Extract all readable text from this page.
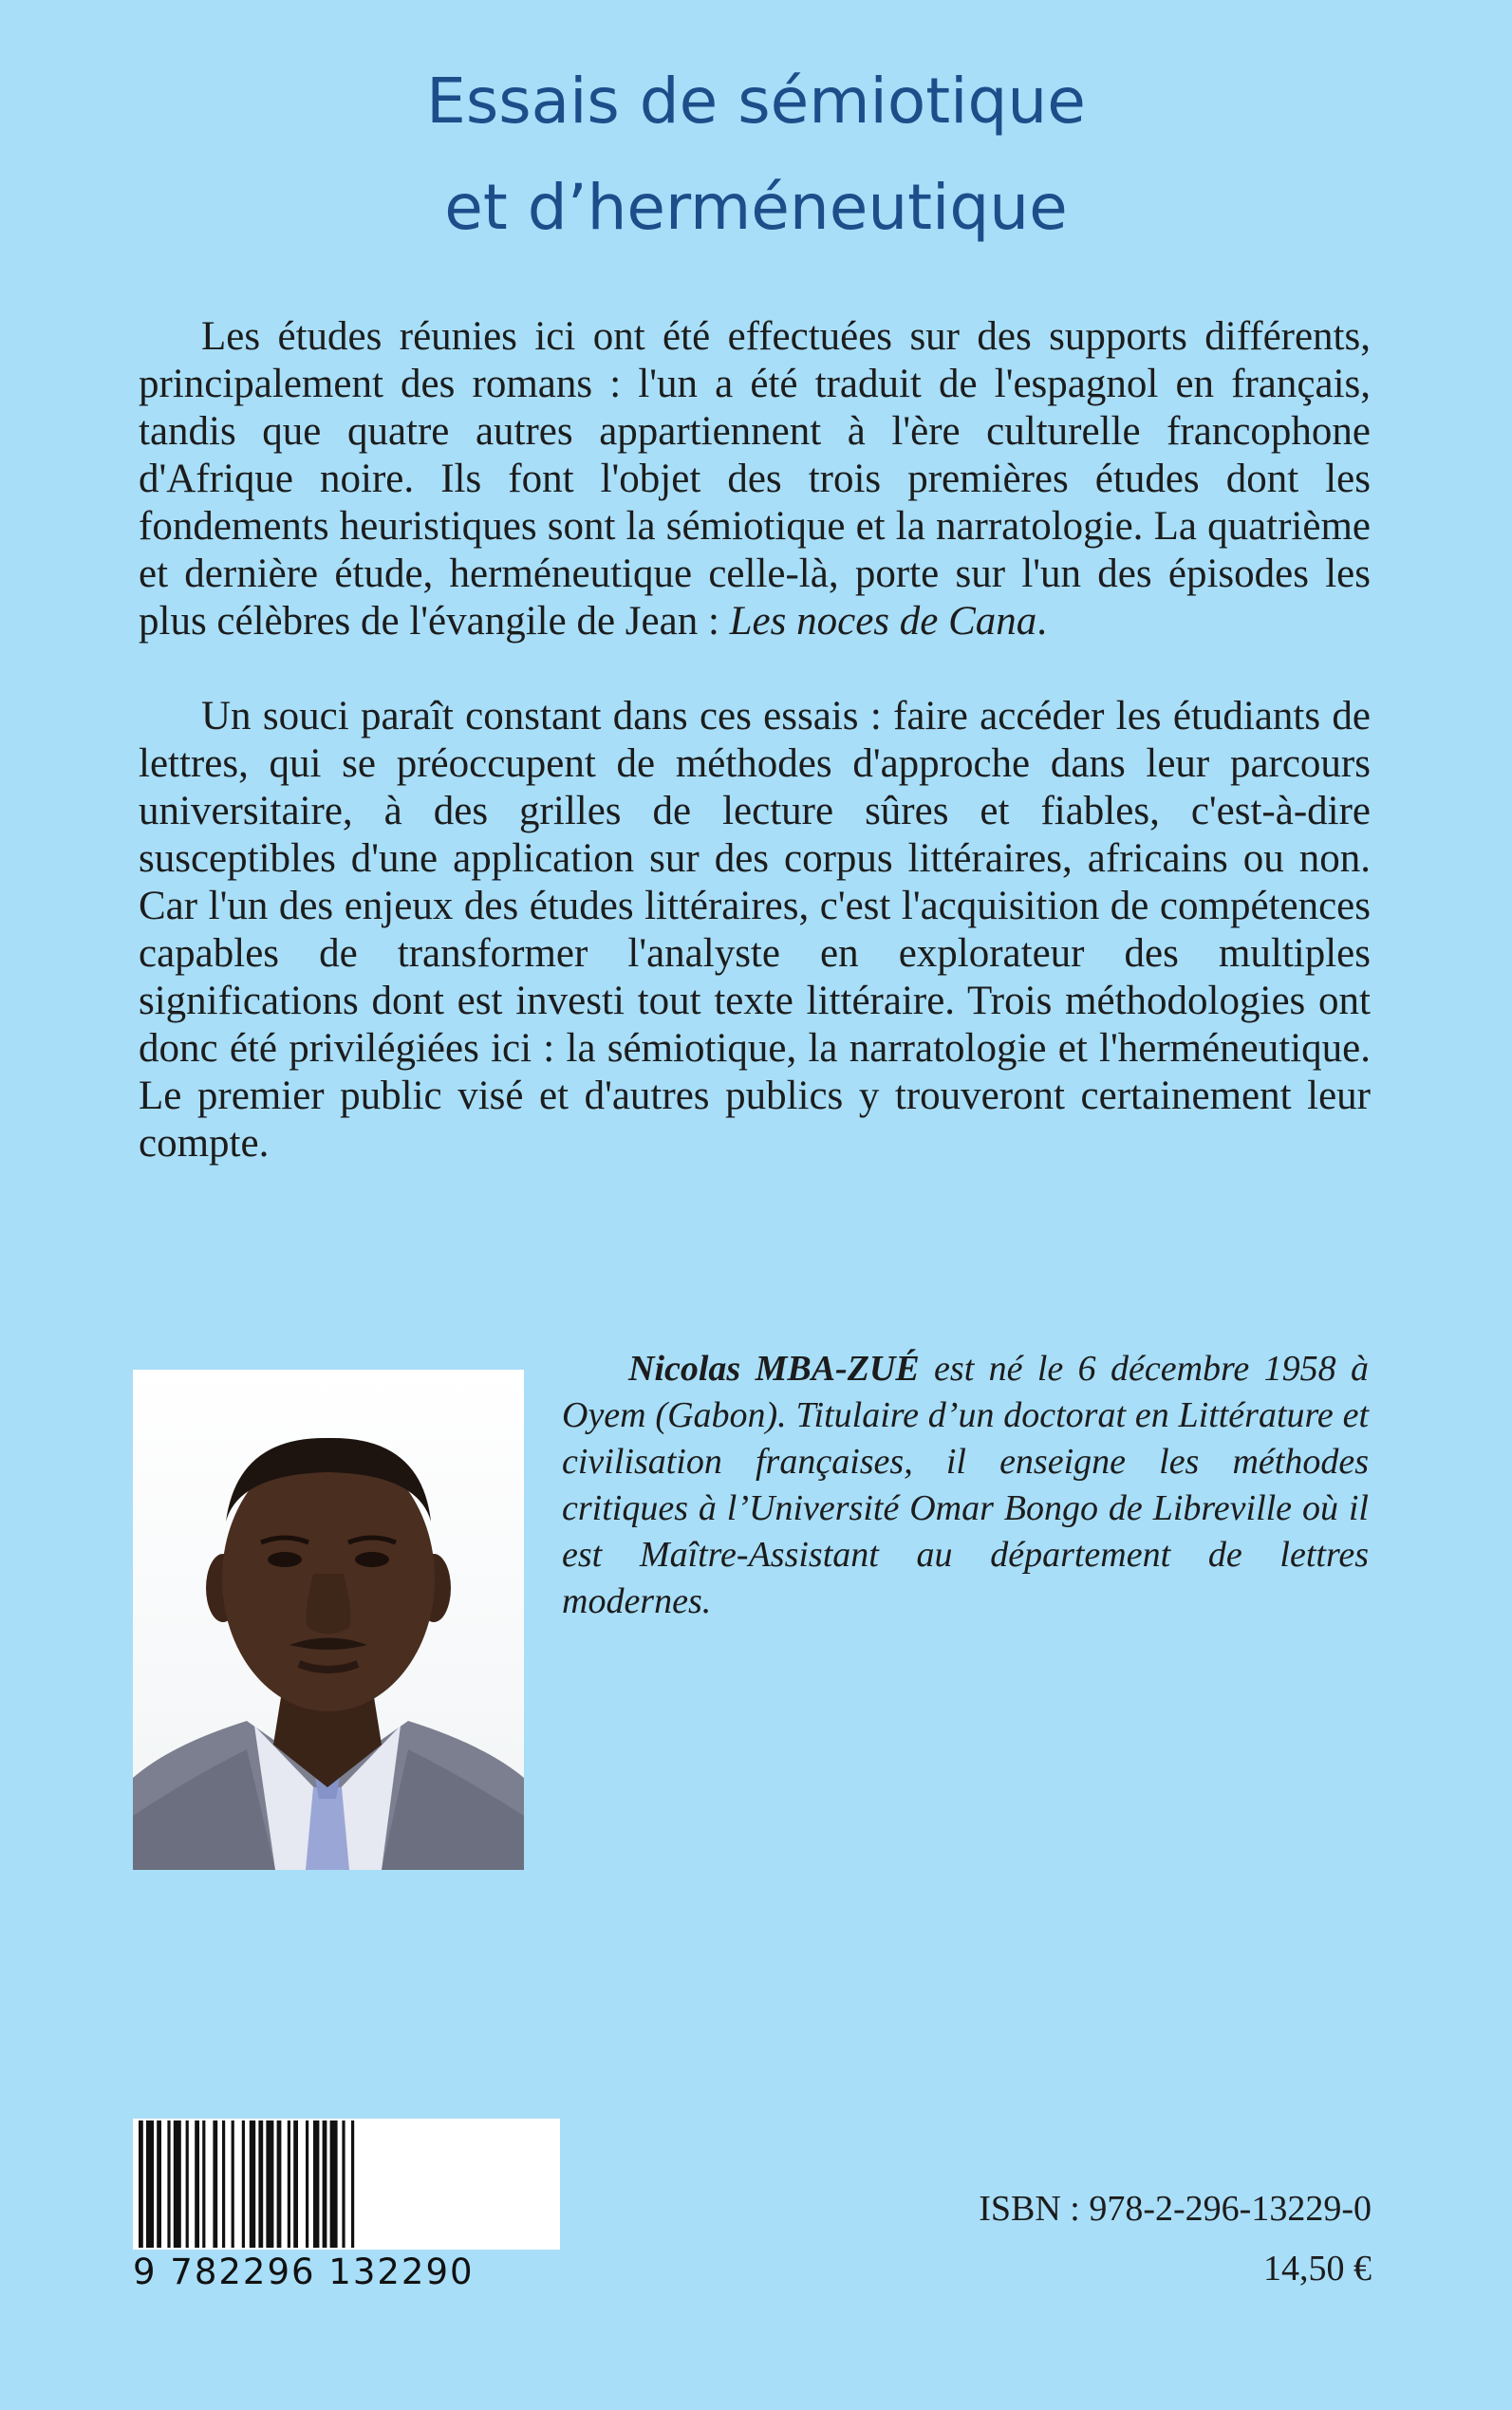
Essais de sémiotique
et d’herméneutique

Les études réunies ici ont été effectuées sur des supports différents, principalement des romans : l'un a été traduit de l'espagnol en français, tandis que quatre autres appartiennent à l'ère culturelle francophone d'Afrique noire. Ils font l'objet des trois premières études dont les fondements heuristiques sont la sémiotique et la narratologie. La quatrième et dernière étude, herméneutique celle-là, porte sur l'un des épisodes les plus célèbres de l'évangile de Jean : Les noces de Cana.

Un souci paraît constant dans ces essais : faire accéder les étudiants de lettres, qui se préoccupent de méthodes d'approche dans leur parcours universitaire, à des grilles de lecture sûres et fiables, c'est-à-dire susceptibles d'une application sur des corpus littéraires, africains ou non. Car l'un des enjeux des études littéraires, c'est l'acquisition de compétences capables de transformer l'analyste en explorateur des multiples significations dont est investi tout texte littéraire. Trois méthodologies ont donc été privilégiées ici : la sémiotique, la narratologie et l'herméneutique. Le premier public visé et d'autres publics y trouveront certainement leur compte.

Nicolas MBA-ZUÉ est né le 6 décembre 1958 à Oyem (Gabon). Titulaire d’un doctorat en Littérature et civilisation françaises, il enseigne les méthodes critiques à l’Université Omar Bongo de Libreville où il est Maître-Assistant au département de lettres modernes.

9 782296 132290

ISBN : 978-2-296-13229-0

14,50 €
